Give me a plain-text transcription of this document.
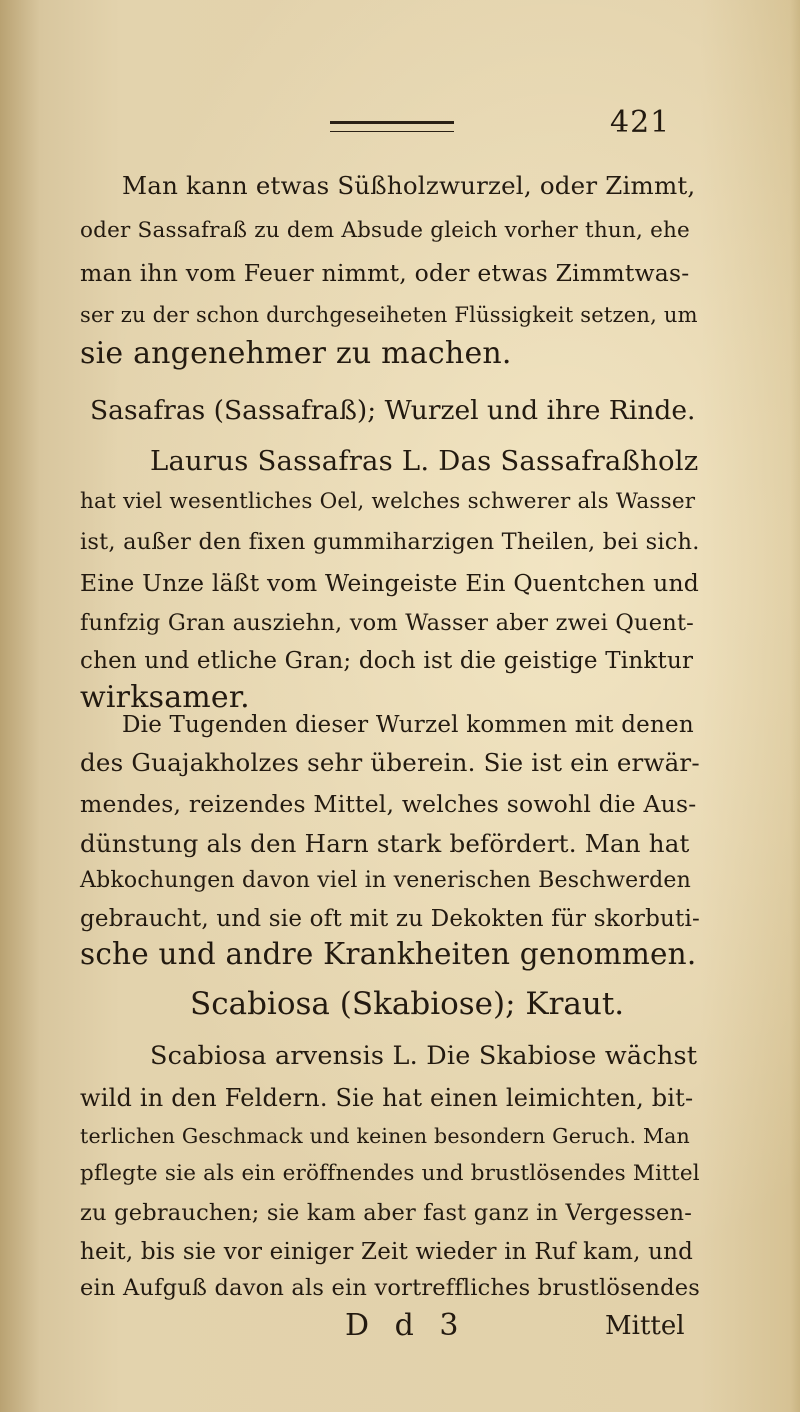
421
Man kann etwas Süßholzwurzel, oder Zimmt,
oder Sassafraß zu dem Absude gleich vorher thun, ehe
man ihn vom Feuer nimmt, oder etwas Zimmtwas-
ser zu der schon durchgeseiheten Flüssigkeit setzen, um
sie angenehmer zu machen.
Sasafras (Sassafraß); Wurzel und ihre Rinde.
Laurus Sassafras L. Das Sassafraßholz
hat viel wesentliches Oel, welches schwerer als Wasser
ist, außer den fixen gummiharzigen Theilen, bei sich.
Eine Unze läßt vom Weingeiste Ein Quentchen und
funfzig Gran ausziehn, vom Wasser aber zwei Quent-
chen und etliche Gran; doch ist die geistige Tinktur
wirksamer.
Die Tugenden dieser Wurzel kommen mit denen
des Guajakholzes sehr überein. Sie ist ein erwär-
mendes, reizendes Mittel, welches sowohl die Aus-
dünstung als den Harn stark befördert. Man hat
Abkochungen davon viel in venerischen Beschwerden
gebraucht, und sie oft mit zu Dekokten für skorbuti-
sche und andre Krankheiten genommen.
Scabiosa (Skabiose); Kraut.
Scabiosa arvensis L. Die Skabiose wächst
wild in den Feldern. Sie hat einen leimichten, bit-
terlichen Geschmack und keinen besondern Geruch. Man
pflegte sie als ein eröffnendes und brustlösendes Mittel
zu gebrauchen; sie kam aber fast ganz in Vergessen-
heit, bis sie vor einiger Zeit wieder in Ruf kam, und
ein Aufguß davon als ein vortreffliches brustlösendes
D d 3	Mittel
